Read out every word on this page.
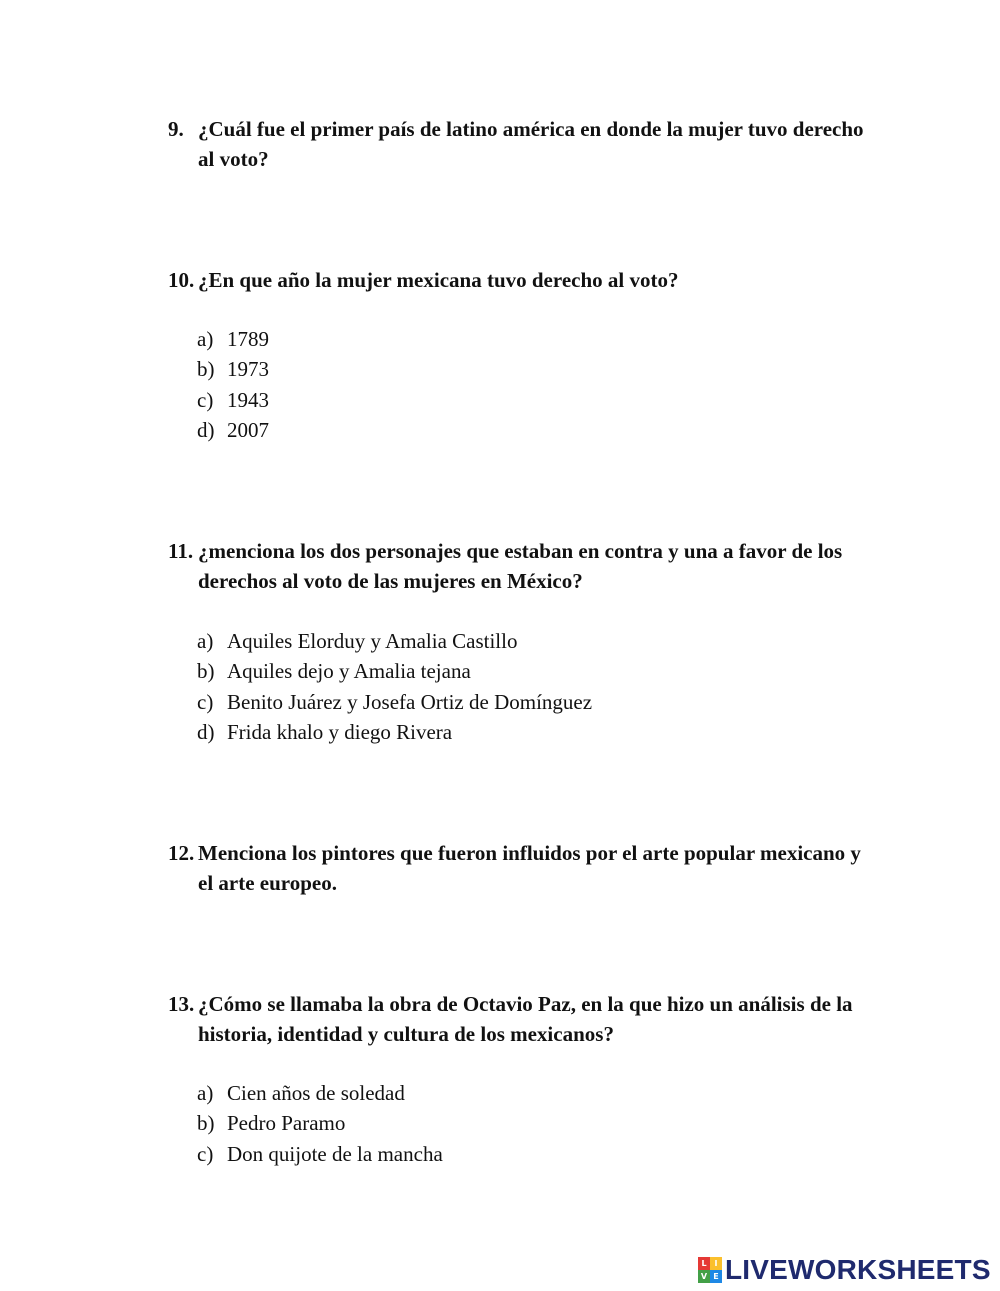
9. ¿Cuál fue el primer país de latino américa en donde la mujer tuvo derecho al voto?
10. ¿En que año la mujer mexicana tuvo derecho al voto?
a) 1789
b) 1973
c) 1943
d) 2007
11. ¿menciona los dos personajes que estaban en contra y una a favor de los derechos al voto de las mujeres en México?
a) Aquiles Elorduy y Amalia Castillo
b) Aquiles dejo y Amalia tejana
c) Benito Juárez y Josefa Ortiz de Domínguez
d) Frida khalo y diego Rivera
12. Menciona los pintores que fueron influidos por el arte popular mexicano y el arte europeo.
13. ¿Cómo se llamaba la obra de Octavio Paz, en la que hizo un análisis de la historia, identidad y cultura de los mexicanos?
a) Cien años de soledad
b) Pedro Paramo
c) Don quijote de la mancha
L I
V E LIVEWORKSHEETS
